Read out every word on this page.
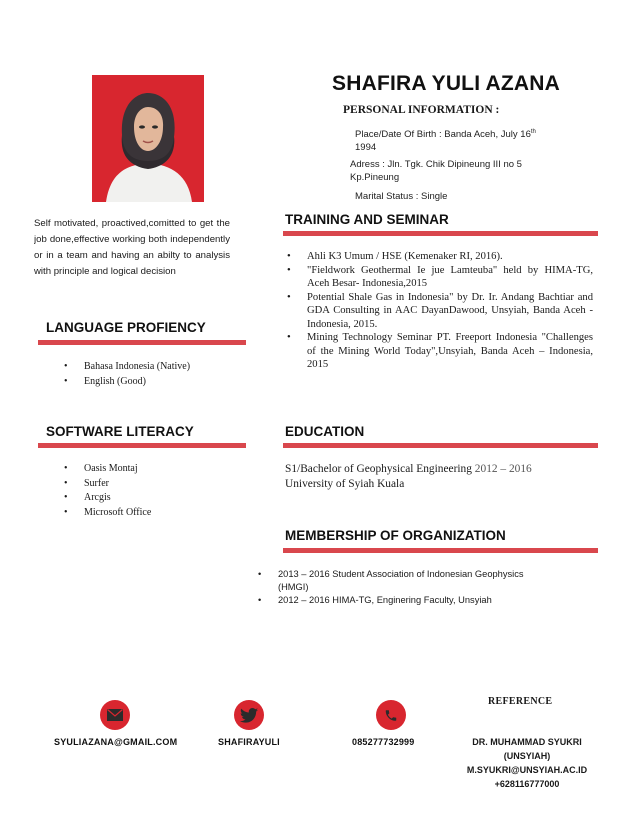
SHAFIRA YULI AZANA
PERSONAL INFORMATION :
Place/Date Of Birth : Banda Aceh, July 16th
1994
Adress : Jln. Tgk. Chik Dipineung III no 5
Kp.Pineung
Marital Status : Single
Self motivated, proactived,comitted to get the job done,effective working both independently or in a team and having an abilty to analysis with principle and logical decision
TRAINING AND SEMINAR
• Ahli K3 Umum / HSE (Kemenaker RI, 2016).
• "Fieldwork Geothermal Ie jue Lamteuba" held by HIMA-TG, Aceh Besar- Indonesia,2015
• Potential Shale Gas in Indonesia" by Dr. Ir. Andang Bachtiar and GDA Consulting in AAC DayanDawood, Unsyiah, Banda Aceh - Indonesia, 2015.
• Mining Technology Seminar PT. Freeport Indonesia "Challenges of the Mining World Today",Unsyiah, Banda Aceh – Indonesia, 2015
LANGUAGE PROFIENCY
• Bahasa Indonesia (Native)
• English (Good)
SOFTWARE LITERACY
• Oasis Montaj
• Surfer
• Arcgis
• Microsoft Office
EDUCATION
S1/Bachelor of Geophysical Engineering 2012 – 2016
University of Syiah Kuala
MEMBERSHIP OF ORGANIZATION
• 2013 – 2016 Student Association of Indonesian Geophysics (HMGI)
• 2012 – 2016 HIMA-TG, Enginering Faculty, Unsyiah
SYULIAZANA@GMAIL.COM	SHAFIRAYULI	085277732999
REFERENCE
DR. MUHAMMAD SYUKRI
(UNSYIAH)
M.SYUKRI@UNSYIAH.AC.ID
+628116777000
